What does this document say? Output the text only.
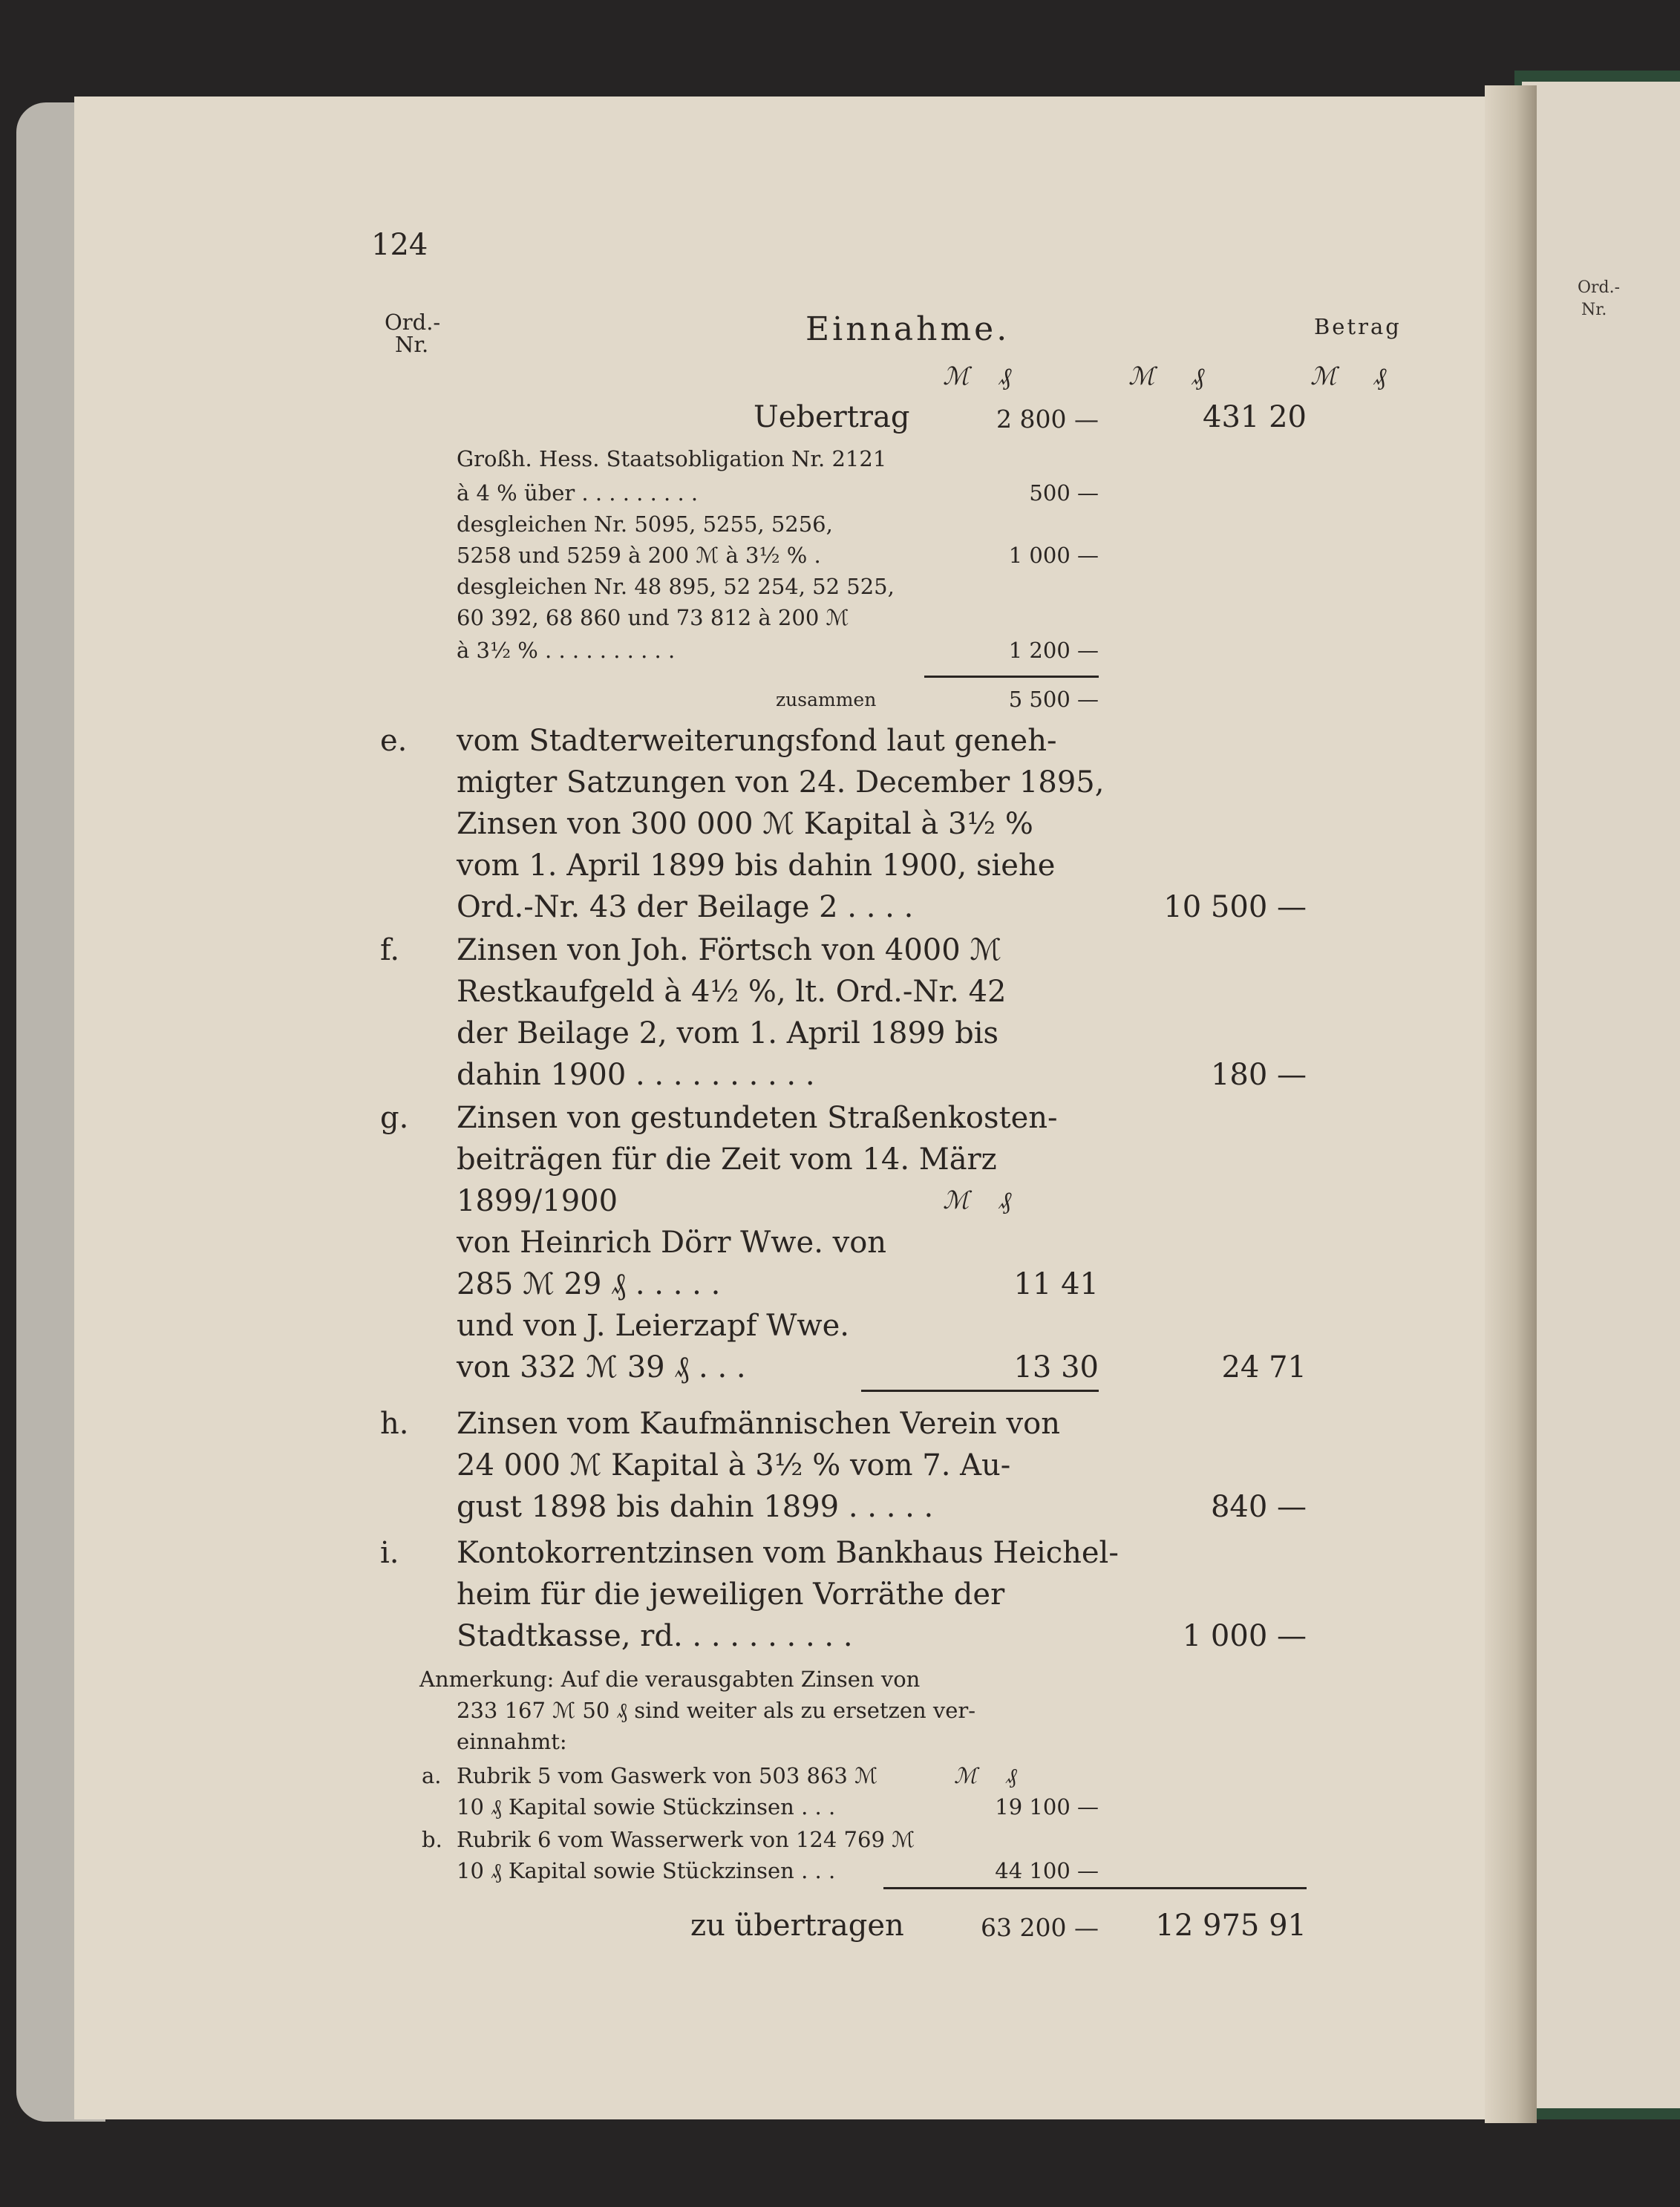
Ord.-
Nr.
124
Ord.-
Nr.	Einnahme.	Betrag
ℳ ₰	ℳ ₰	ℳ ₰
Uebertrag	2 800 —	431 20
Großh. Hess. Staatsobligation Nr. 2121
à 4 % über . . . . . . . . .	500 —
desgleichen Nr. 5095, 5255, 5256,
5258 und 5259 à 200 ℳ à 3½ % .	1 000 —
desgleichen Nr. 48 895, 52 254, 52 525,
60 392, 68 860 und 73 812 à 200 ℳ
à 3½ % . . . . . . . . . .	1 200 —
zusammen	5 500 —
e. vom Stadterweiterungsfond laut geneh-
migter Satzungen von 24. December 1895,
Zinsen von 300 000 ℳ Kapital à 3½ %
vom 1. April 1899 bis dahin 1900, siehe
Ord.-Nr. 43 der Beilage 2 . . . .	10 500 —
f. Zinsen von Joh. Förtsch von 4000 ℳ
Restkaufgeld à 4½ %, lt. Ord.-Nr. 42
der Beilage 2, vom 1. April 1899 bis
dahin 1900 . . . . . . . . . .	180 —
g. Zinsen von gestundeten Straßenkosten-
beiträgen für die Zeit vom 14. März
1899/1900	ℳ ₰
von Heinrich Dörr Wwe. von
285 ℳ 29 ₰ . . . . .	11 41
und von J. Leierzapf Wwe.
von 332 ℳ 39 ₰ . . .	13 30	24 71
h. Zinsen vom Kaufmännischen Verein von
24 000 ℳ Kapital à 3½ % vom 7. Au-
gust 1898 bis dahin 1899 . . . . .	840 —
i. Kontokorrentzinsen vom Bankhaus Heichel-
heim für die jeweiligen Vorräthe der
Stadtkasse, rd. . . . . . . . . .	1 000 —
Anmerkung: Auf die verausgabten Zinsen von
233 167 ℳ 50 ₰ sind weiter als zu ersetzen ver-
einnahmt:
a. Rubrik 5 vom Gaswerk von 503 863 ℳ	ℳ ₰
10 ₰ Kapital sowie Stückzinsen . . .	19 100 —
b. Rubrik 6 vom Wasserwerk von 124 769 ℳ
10 ₰ Kapital sowie Stückzinsen . . .	44 100 —
zu übertragen	63 200 —	12 975 91
